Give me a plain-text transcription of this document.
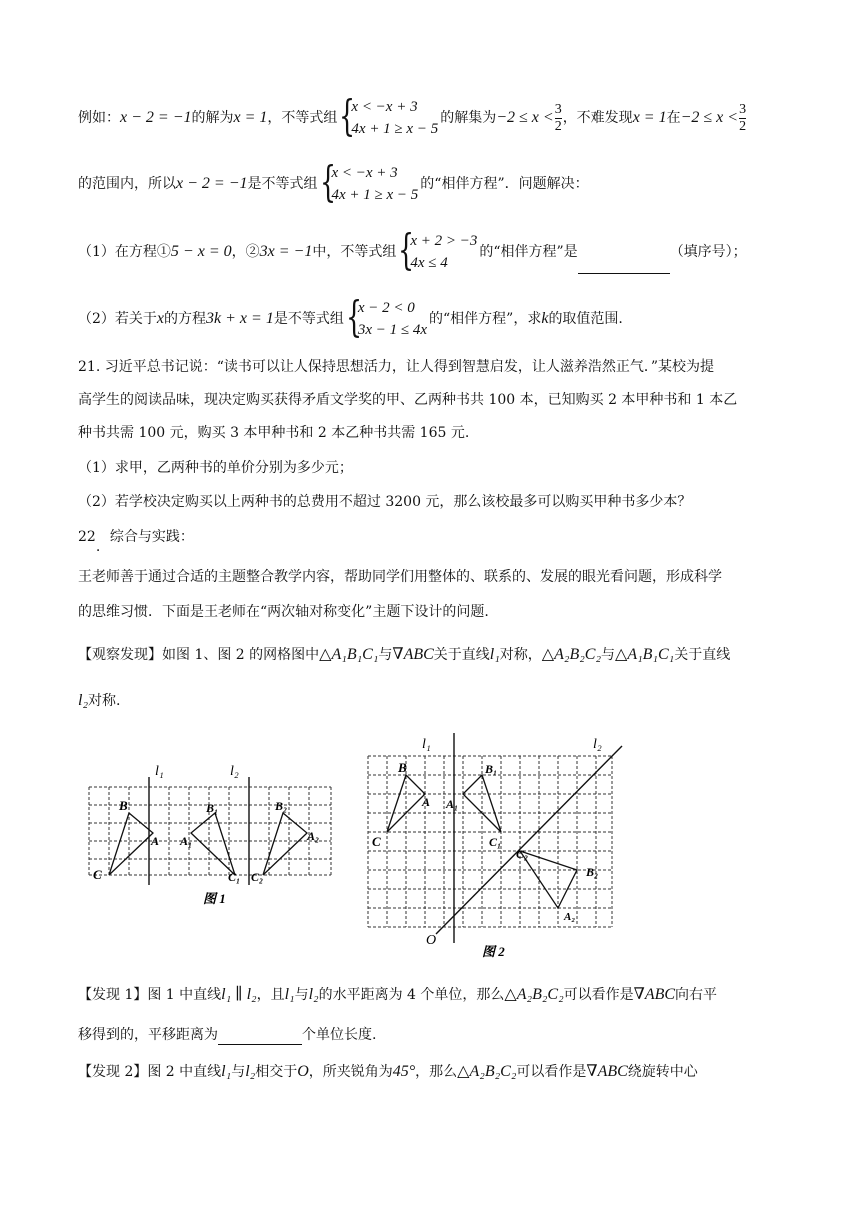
例如：x − 2 = −1的解为x = 1，不等式组 {
x < −x + 3
4x + 1 ≥ x − 5
的解集为$-2 \le x < \frac{3}{2}$ ，不难发现x = 1在$-2 \le x < \frac{3}{2}$
的范围内，所以x − 2 = −1是不等式组 {
x < −x + 3
4x + 1 ≥ x − 5
的“相伴方程”．问题解决：
（1）在方程①5 − x = 0，②3x = −1中，不等式组 {
x + 2 > −3
4x ≤ 4
的“相伴方程”是	（填序号）；
（2）若关于x的方程3k + x = 1是不等式组 {
x − 2 < 0
3x − 1 ≤ 4x
的“相伴方程”，求k的取值范围.
21. 习近平总书记说：“读书可以让人保持思想活力，让人得到智慧启发，让人滋养浩然正气．”某校为提
高学生的阅读品味，现决定购买获得矛盾文学奖的甲、乙两种书共 100 本，已知购买 2 本甲种书和 1 本乙
种书共需 100 元，购买 3 本甲种书和 2 本乙种书共需 165 元.
（1）求甲，乙两种书的单价分别为多少元；
（2）若学校决定购买以上两种书的总费用不超过 3200 元，那么该校最多可以购买甲种书多少本？
22.综合与实践：
王老师善于通过合适的主题整合教学内容，帮助同学们用整体的、联系的、发展的眼光看问题，形成科学
的思维习惯．下面是王老师在“两次轴对称变化”主题下设计的问题.
【观察发现】如图 1、图 2 的网格图中△A₁B₁C₁与∇ABC关于直线l₁对称，△A₂B₂C₂与△A₁B₁C₁关于直线
l₂对称.
l₁	l₂
B
A
C
B₁
A₁
C₁
B₂
A₂
C₂
图 1
l₁	l₂
B
A
C
B₁
A₁
C₁
B₂
A₂
C₂
O
图 2
【发现 1】图 1 中直线l₁ ∥ l₂，且l₁与l₂的水平距离为 4 个单位，那么△A₂B₂C₂可以看作是∇ABC向右平
移得到的，平移距离为	个单位长度.
【发现 2】图 2 中直线l₁与l₂相交于O，所夹锐角为45°，那么△A₂B₂C₂可以看作是∇ABC绕旋转中心
